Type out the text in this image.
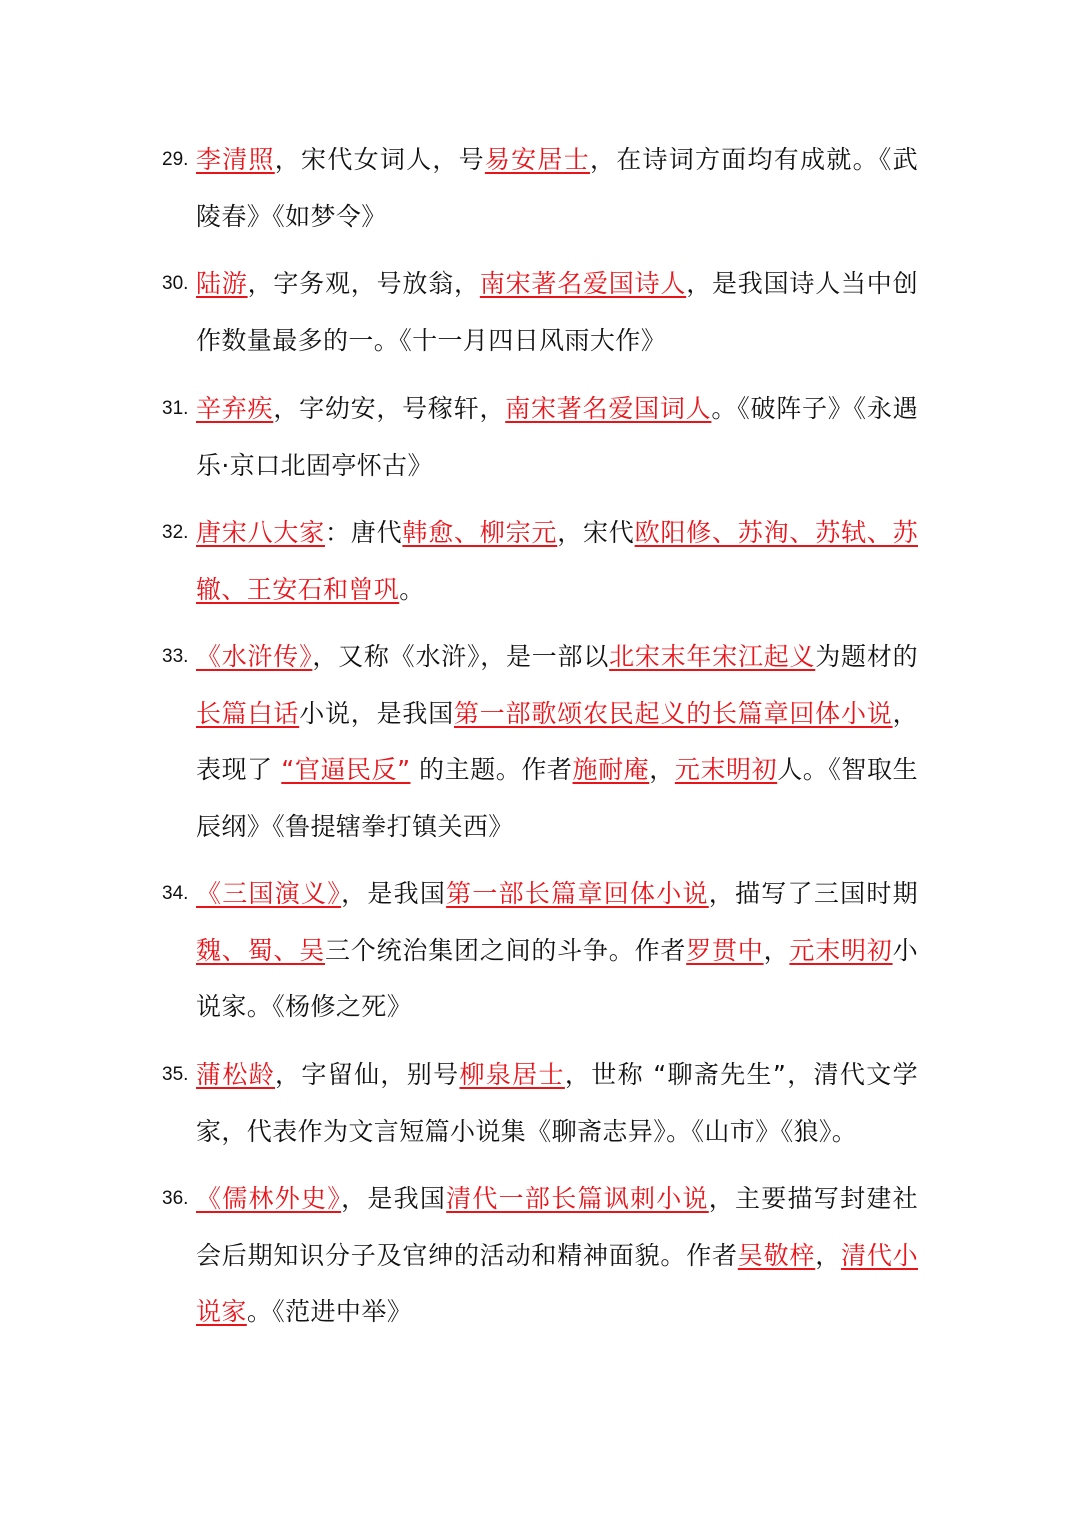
29. 李清照，宋代女词人，号易安居士，在诗词方面均有成就。《武陵春》《如梦令》
30. 陆游，字务观，号放翁，南宋著名爱国诗人，是我国诗人当中创作数量最多的一。《十一月四日风雨大作》
31. 辛弃疾，字幼安，号稼轩，南宋著名爱国词人。《破阵子》《永遇乐·京口北固亭怀古》
32. 唐宋八大家：唐代韩愈、柳宗元，宋代欧阳修、苏洵、苏轼、苏辙、王安石和曾巩。
33. 《水浒传》，又称《水浒》，是一部以北宋末年宋江起义为题材的长篇白话小说，是我国第一部歌颂农民起义的长篇章回体小说，表现了 “官逼民反” 的主题。作者施耐庵，元末明初人。《智取生辰纲》《鲁提辖拳打镇关西》
34. 《三国演义》，是我国第一部长篇章回体小说，描写了三国时期魏、蜀、吴三个统治集团之间的斗争。作者罗贯中，元末明初小说家。《杨修之死》
35. 蒲松龄，字留仙，别号柳泉居士，世称 “聊斋先生”，清代文学家，代表作为文言短篇小说集《聊斋志异》。《山市》《狼》。
36. 《儒林外史》，是我国清代一部长篇讽刺小说，主要描写封建社会后期知识分子及官绅的活动和精神面貌。作者吴敬梓，清代小说家。《范进中举》
